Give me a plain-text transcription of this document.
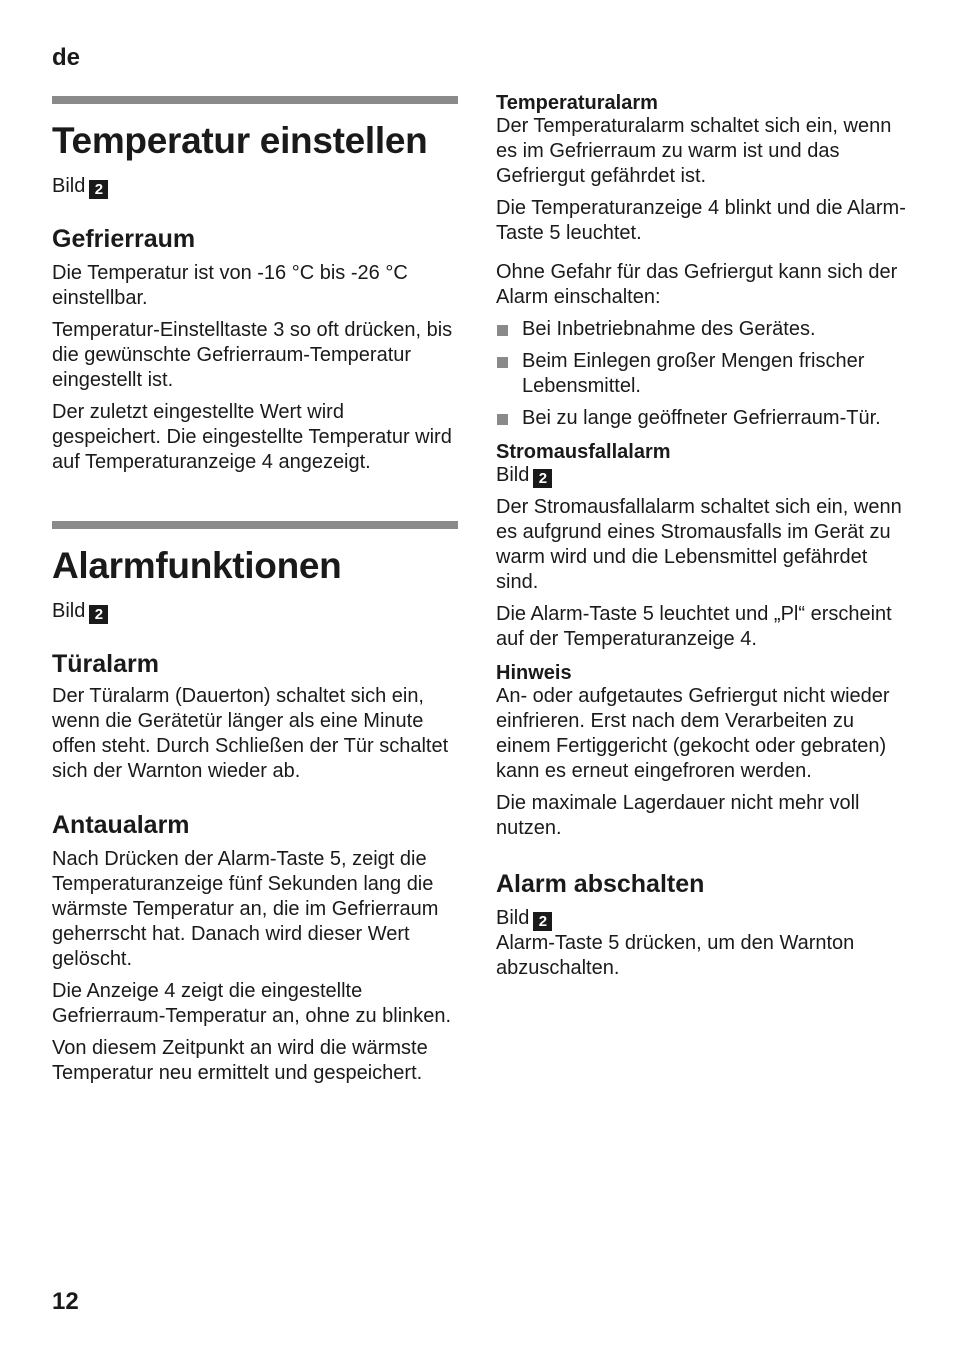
de
Temperatur einstellen
Bild 2
Gefrierraum

Die Temperatur ist von -16 °C bis -26 °C einstellbar.

Temperatur-Einstelltaste 3 so oft drücken, bis die gewünschte Gefrierraum-Temperatur eingestellt ist.

Der zuletzt eingestellte Wert wird gespeichert. Die eingestellte Temperatur wird auf Temperaturanzeige 4 angezeigt.

Alarmfunktionen
Bild 2
Türalarm

Der Türalarm (Dauerton) schaltet sich ein, wenn die Gerätetür länger als eine Minute offen steht. Durch Schließen der Tür schaltet sich der Warnton wieder ab.

Antaualarm

Nach Drücken der Alarm-Taste 5, zeigt die Temperaturanzeige fünf Sekunden lang die wärmste Temperatur an, die im Gefrierraum geherrscht hat. Danach wird dieser Wert gelöscht.

Die Anzeige 4 zeigt die eingestellte Gefrierraum-Temperatur an, ohne zu blinken.

Von diesem Zeitpunkt an wird die wärmste Temperatur neu ermittelt und gespeichert.

Temperaturalarm

Der Temperaturalarm schaltet sich ein, wenn es im Gefrierraum zu warm ist und das Gefriergut gefährdet ist.

Die Temperaturanzeige 4 blinkt und die Alarm-Taste 5 leuchtet.

Ohne Gefahr für das Gefriergut kann sich der Alarm einschalten:

Bei Inbetriebnahme des Gerätes.
Beim Einlegen großer Mengen frischer Lebensmittel.
Bei zu lange geöffneter Gefrierraum-Tür.
Stromausfallalarm
Bild 2

Der Stromausfallalarm schaltet sich ein, wenn es aufgrund eines Stromausfalls im Gerät zu warm wird und die Lebensmittel gefährdet sind.

Die Alarm-Taste 5 leuchtet und „Pl“ erscheint auf der Temperaturanzeige 4.

Hinweis

An- oder aufgetautes Gefriergut nicht wieder einfrieren. Erst nach dem Verarbeiten zu einem Fertiggericht (gekocht oder gebraten) kann es erneut eingefroren werden.

Die maximale Lagerdauer nicht mehr voll nutzen.

Alarm abschalten
Bild 2

Alarm-Taste 5 drücken, um den Warnton abzuschalten.

12
